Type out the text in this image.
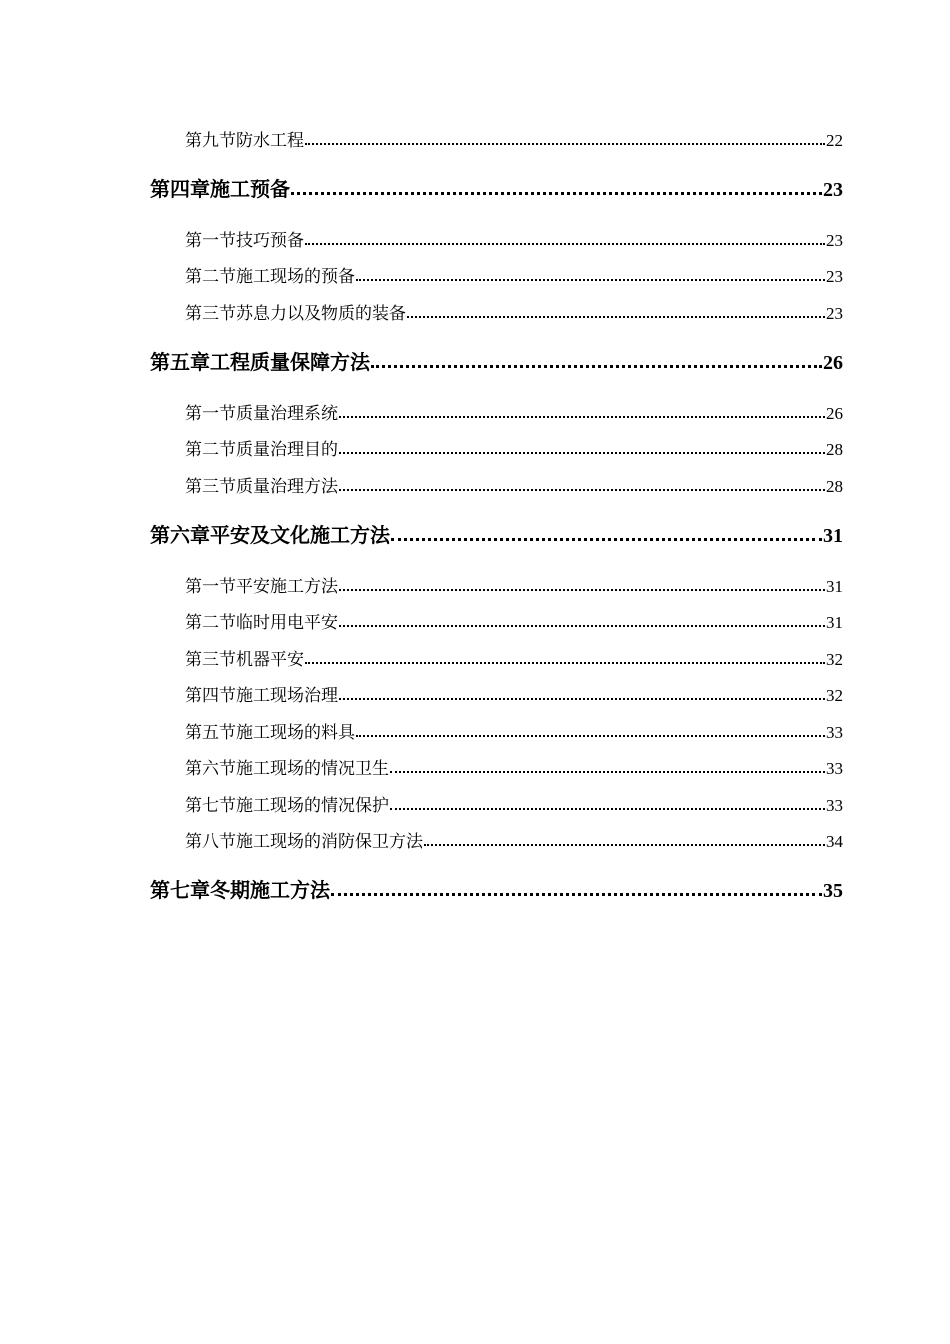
第九节防水工程	22
第四章施工预备	23
第一节技巧预备	23
第二节施工现场的预备	23
第三节苏息力以及物质的装备	23
第五章工程质量保障方法	26
第一节质量治理系统	26
第二节质量治理目的	28
第三节质量治理方法	28
第六章平安及文化施工方法	31
第一节平安施工方法	31
第二节临时用电平安	31
第三节机器平安	32
第四节施工现场治理	32
第五节施工现场的料具	33
第六节施工现场的情况卫生	33
第七节施工现场的情况保护	33
第八节施工现场的消防保卫方法	34
第七章冬期施工方法	35
